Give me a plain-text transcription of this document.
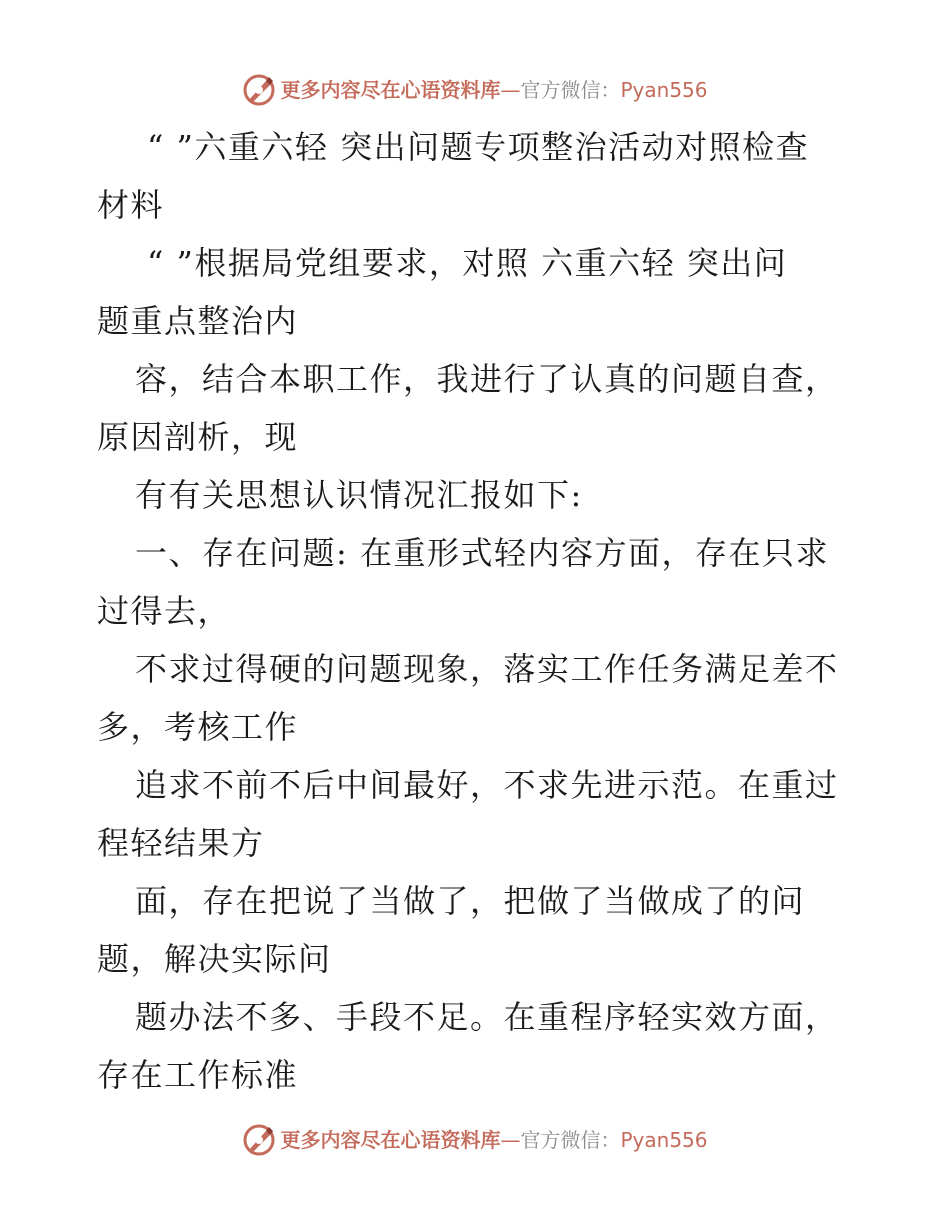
更多内容尽在心语资料库—官方微信：Pyan556
“ ”六重六轻 突出问题专项整治活动对照检查
材料
“ ”根据局党组要求，对照 六重六轻 突出问
题重点整治内
容，结合本职工作，我进行了认真的问题自查，
原因剖析，现
有有关思想认识情况汇报如下:
一、存在问题: 在重形式轻内容方面，存在只求
过得去，
不求过得硬的问题现象，落实工作任务满足差不
多，考核工作
追求不前不后中间最好，不求先进示范。在重过
程轻结果方
面，存在把说了当做了，把做了当做成了的问
题，解决实际问
题办法不多、手段不足。在重程序轻实效方面，
存在工作标准
更多内容尽在心语资料库—官方微信：Pyan556
